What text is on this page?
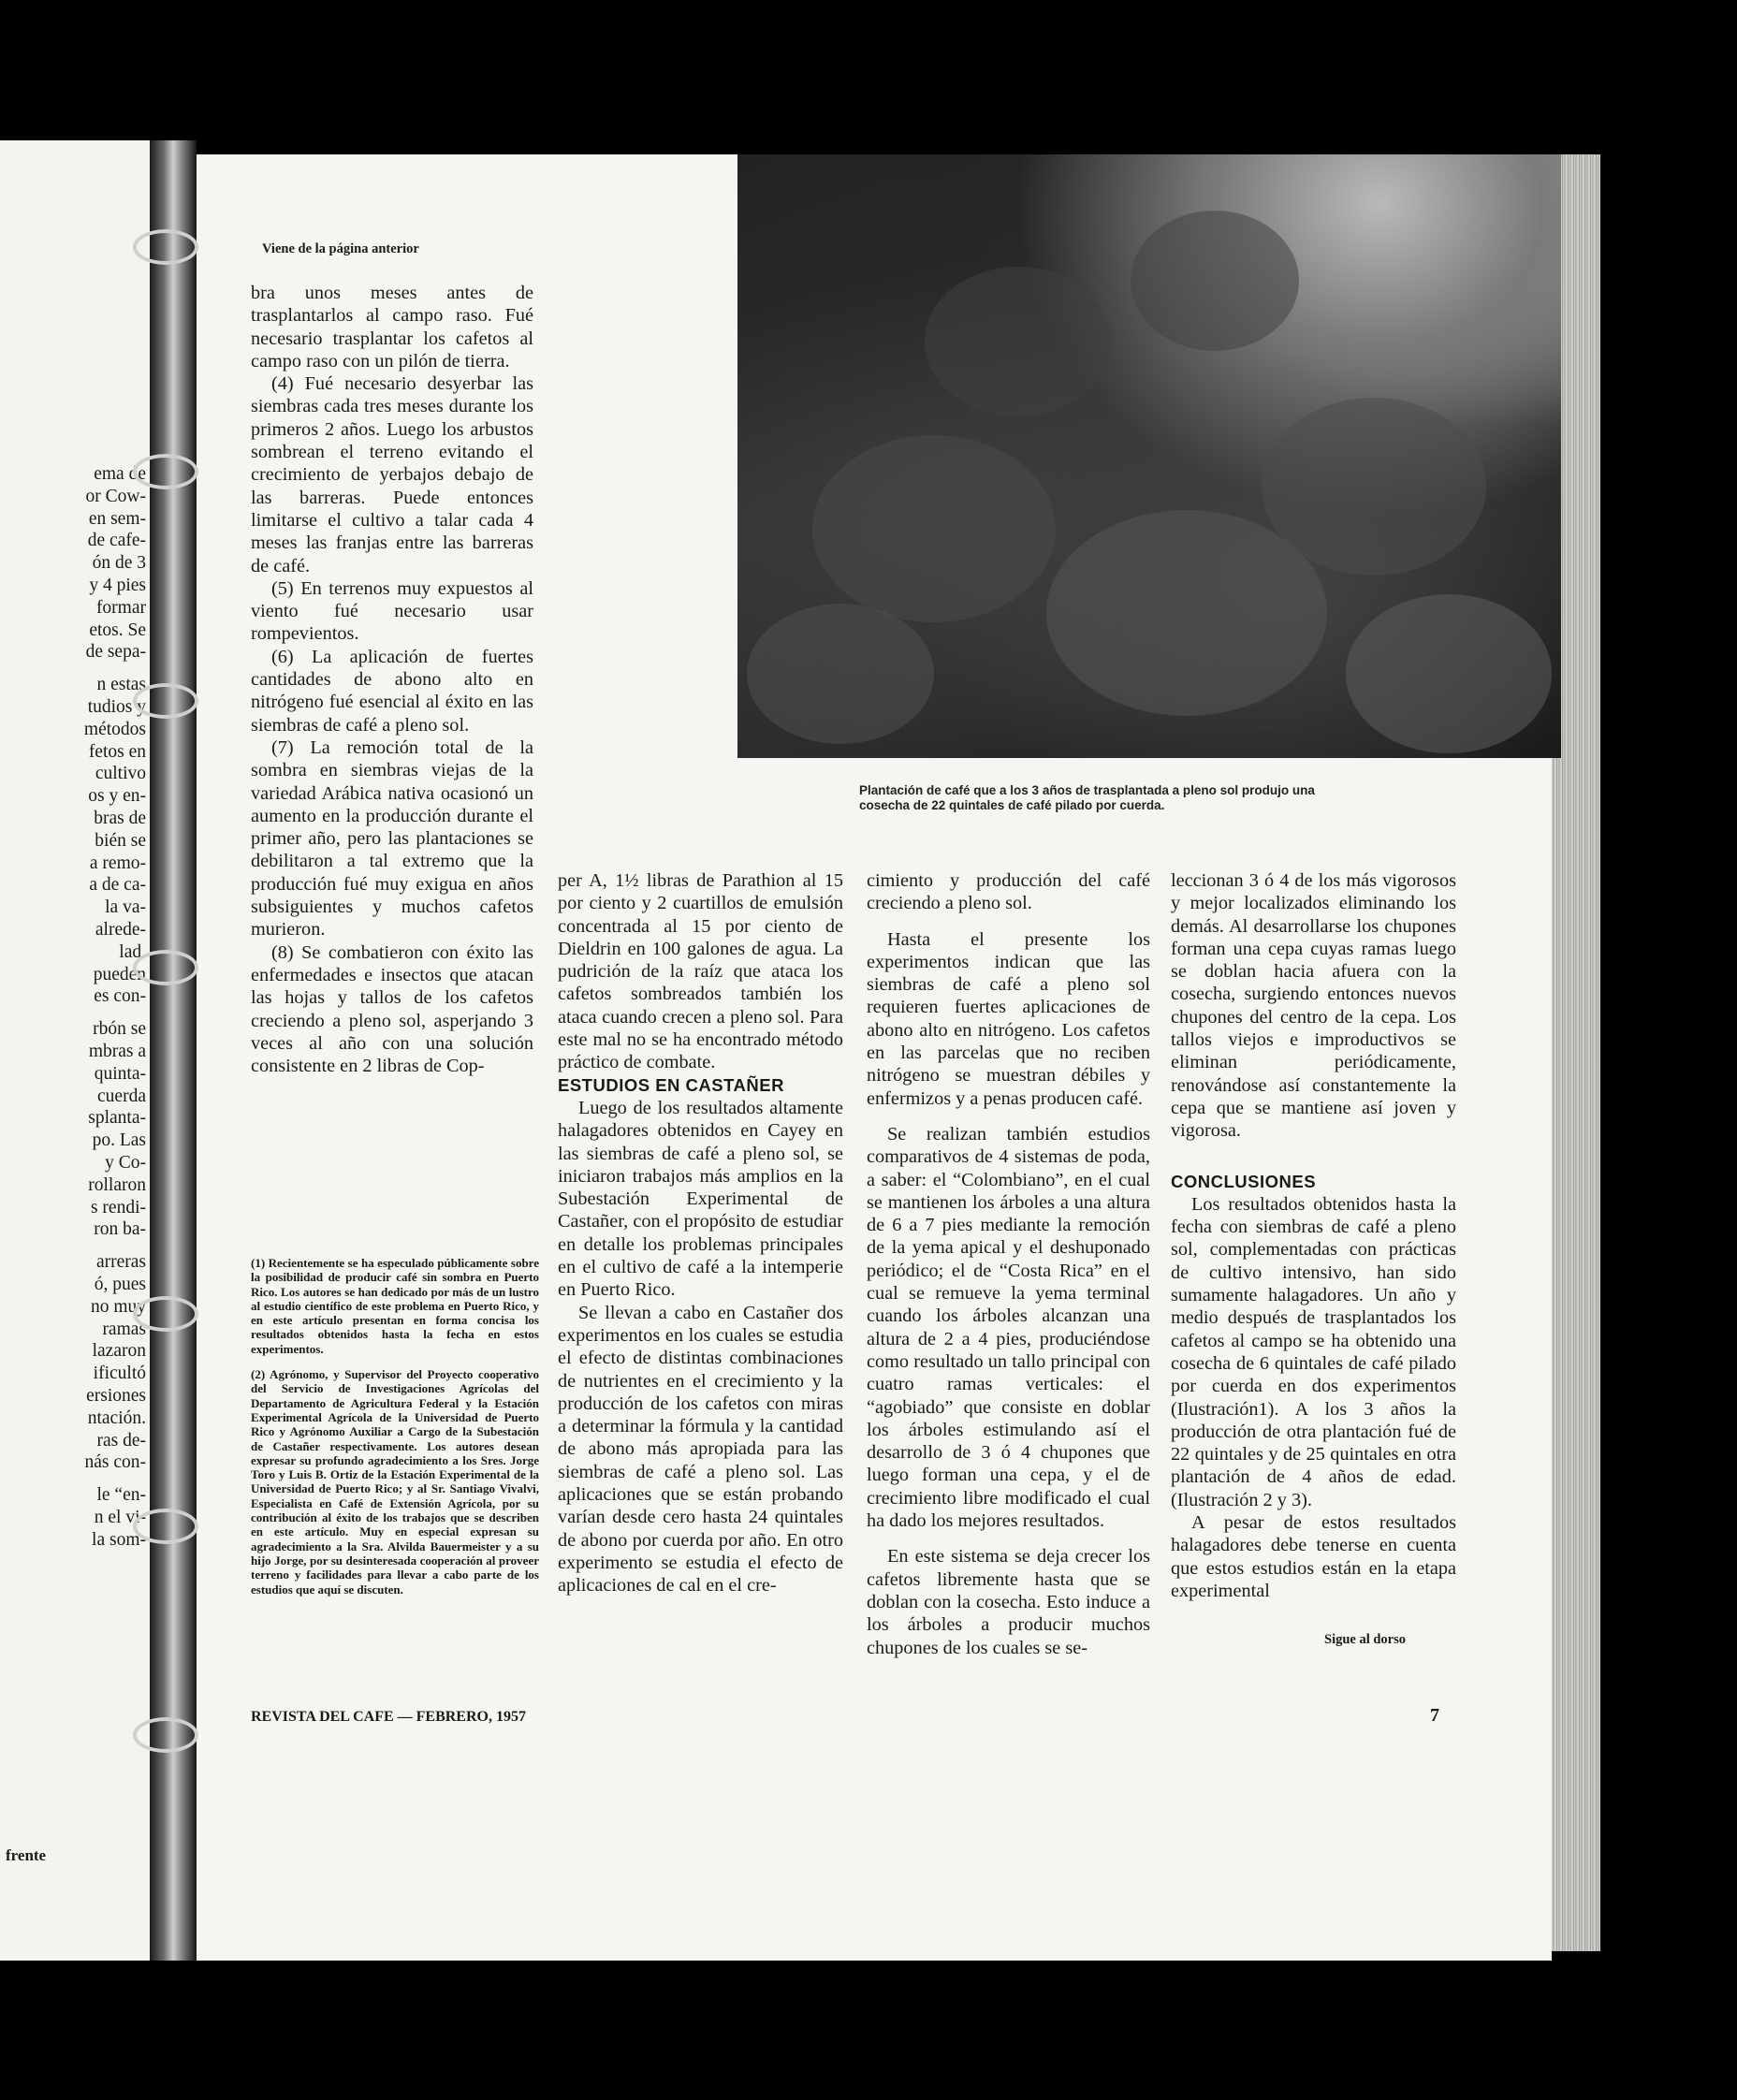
ema de
or Cow-
en sem-
de cafe-
ón de 3
y 4 pies
formar
etos. Se
de sepa-
n estas
tudios y
métodos
fetos en
cultivo
os y en-
bras de
bién se
a remo-
a de ca-
la va-
alrede-
lad.
pueden
es con-
rbón se
mbras a
quinta-
cuerda
splanta-
po. Las
y Co-
rollaron
s rendi-
ron ba-
arreras
ó, pues
no muy
ramas
lazaron
ificultó
ersiones
ntación.
ras de-
nás con-
le “en-
n el vi-
la som-
frente
Plantación de café que a los 3 años de trasplantada a pleno sol produjo una cosecha de 22 quintales de café pilado por cuerda.
Viene de la página anterior

bra unos meses antes de trasplantarlos al campo raso. Fué necesario trasplantar los cafetos al campo raso con un pilón de tierra.

(4) Fué necesario desyerbar las siembras cada tres meses durante los primeros 2 años. Luego los arbustos sombrean el terreno evitando el crecimiento de yerbajos debajo de las barreras. Puede entonces limitarse el cultivo a talar cada 4 meses las franjas entre las barreras de café.

(5) En terrenos muy expuestos al viento fué necesario usar rompevientos.

(6) La aplicación de fuertes cantidades de abono alto en nitrógeno fué esencial al éxito en las siembras de café a pleno sol.

(7) La remoción total de la sombra en siembras viejas de la variedad Arábica nativa ocasionó un aumento en la producción durante el primer año, pero las plantaciones se debilitaron a tal extremo que la producción fué muy exigua en años subsiguientes y muchos cafetos murieron.

(8) Se combatieron con éxito las enfermedades e insectos que atacan las hojas y tallos de los cafetos creciendo a pleno sol, asperjando 3 veces al año con una solución consistente en 2 libras de Cop-

(1) Recientemente se ha especulado públicamente sobre la posibilidad de producir café sin sombra en Puerto Rico. Los autores se han dedicado por más de un lustro al estudio científico de este problema en Puerto Rico, y en este artículo presentan en forma concisa los resultados obtenidos hasta la fecha en estos experimentos.

(2) Agrónomo, y Supervisor del Proyecto cooperativo del Servicio de Investigaciones Agrícolas del Departamento de Agricultura Federal y la Estación Experimental Agrícola de la Universidad de Puerto Rico y Agrónomo Auxiliar a Cargo de la Subestación de Castañer respectivamente. Los autores desean expresar su profundo agradecimiento a los Sres. Jorge Toro y Luis B. Ortiz de la Estación Experimental de la Universidad de Puerto Rico; y al Sr. Santiago Vivalvi, Especialista en Café de Extensión Agrícola, por su contribución al éxito de los trabajos que se describen en este artículo. Muy en especial expresan su agradecimiento a la Sra. Alvilda Bauermeister y a su hijo Jorge, por su desinteresada cooperación al proveer terreno y facilidades para llevar a cabo parte de los estudios que aquí se discuten.

per A, 1½ libras de Parathion al 15 por ciento y 2 cuartillos de emulsión concentrada al 15 por ciento de Dieldrin en 100 galones de agua. La pudrición de la raíz que ataca los cafetos sombreados también los ataca cuando crecen a pleno sol. Para este mal no se ha encontrado método práctico de combate.

ESTUDIOS EN CASTAÑER

Luego de los resultados altamente halagadores obtenidos en Cayey en las siembras de café a pleno sol, se iniciaron trabajos más amplios en la Subestación Experimental de Castañer, con el propósito de estudiar en detalle los problemas principales en el cultivo de café a la intemperie en Puerto Rico.

Se llevan a cabo en Castañer dos experimentos en los cuales se estudia el efecto de distintas combinaciones de nutrientes en el crecimiento y la producción de los cafetos con miras a determinar la fórmula y la cantidad de abono más apropiada para las siembras de café a pleno sol. Las aplicaciones que se están probando varían desde cero hasta 24 quintales de abono por cuerda por año. En otro experimento se estudia el efecto de aplicaciones de cal en el cre-

cimiento y producción del café creciendo a pleno sol.

Hasta el presente los experimentos indican que las siembras de café a pleno sol requieren fuertes aplicaciones de abono alto en nitrógeno. Los cafetos en las parcelas que no reciben nitrógeno se muestran débiles y enfermizos y a penas producen café.

Se realizan también estudios comparativos de 4 sistemas de poda, a saber: el “Colombiano”, en el cual se mantienen los árboles a una altura de 6 a 7 pies mediante la remoción de la yema apical y el deshuponado periódico; el de “Costa Rica” en el cual se remueve la yema terminal cuando los árboles alcanzan una altura de 2 a 4 pies, produciéndose como resultado un tallo principal con cuatro ramas verticales: el “agobiado” que consiste en doblar los árboles estimulando así el desarrollo de 3 ó 4 chupones que luego forman una cepa, y el de crecimiento libre modificado el cual ha dado los mejores resultados.

En este sistema se deja crecer los cafetos libremente hasta que se doblan con la cosecha. Esto induce a los árboles a producir muchos chupones de los cuales se se-

leccionan 3 ó 4 de los más vigorosos y mejor localizados eliminando los demás. Al desarrollarse los chupones forman una cepa cuyas ramas luego se doblan hacia afuera con la cosecha, surgiendo entonces nuevos chupones del centro de la cepa. Los tallos viejos e improductivos se eliminan periódicamente, renovándose así constantemente la cepa que se mantiene así joven y vigorosa.

CONCLUSIONES

Los resultados obtenidos hasta la fecha con siembras de café a pleno sol, complementadas con prácticas de cultivo intensivo, han sido sumamente halagadores. Un año y medio después de trasplantados los cafetos al campo se ha obtenido una cosecha de 6 quintales de café pilado por cuerda en dos experimentos (Ilustración1). A los 3 años la producción de otra plantación fué de 22 quintales y de 25 quintales en otra plantación de 4 años de edad. (Ilustración 2 y 3).

A pesar de estos resultados halagadores debe tenerse en cuenta que estos estudios están en la etapa experimental

Sigue al dorso
REVISTA DEL CAFE — FEBRERO, 1957	7
